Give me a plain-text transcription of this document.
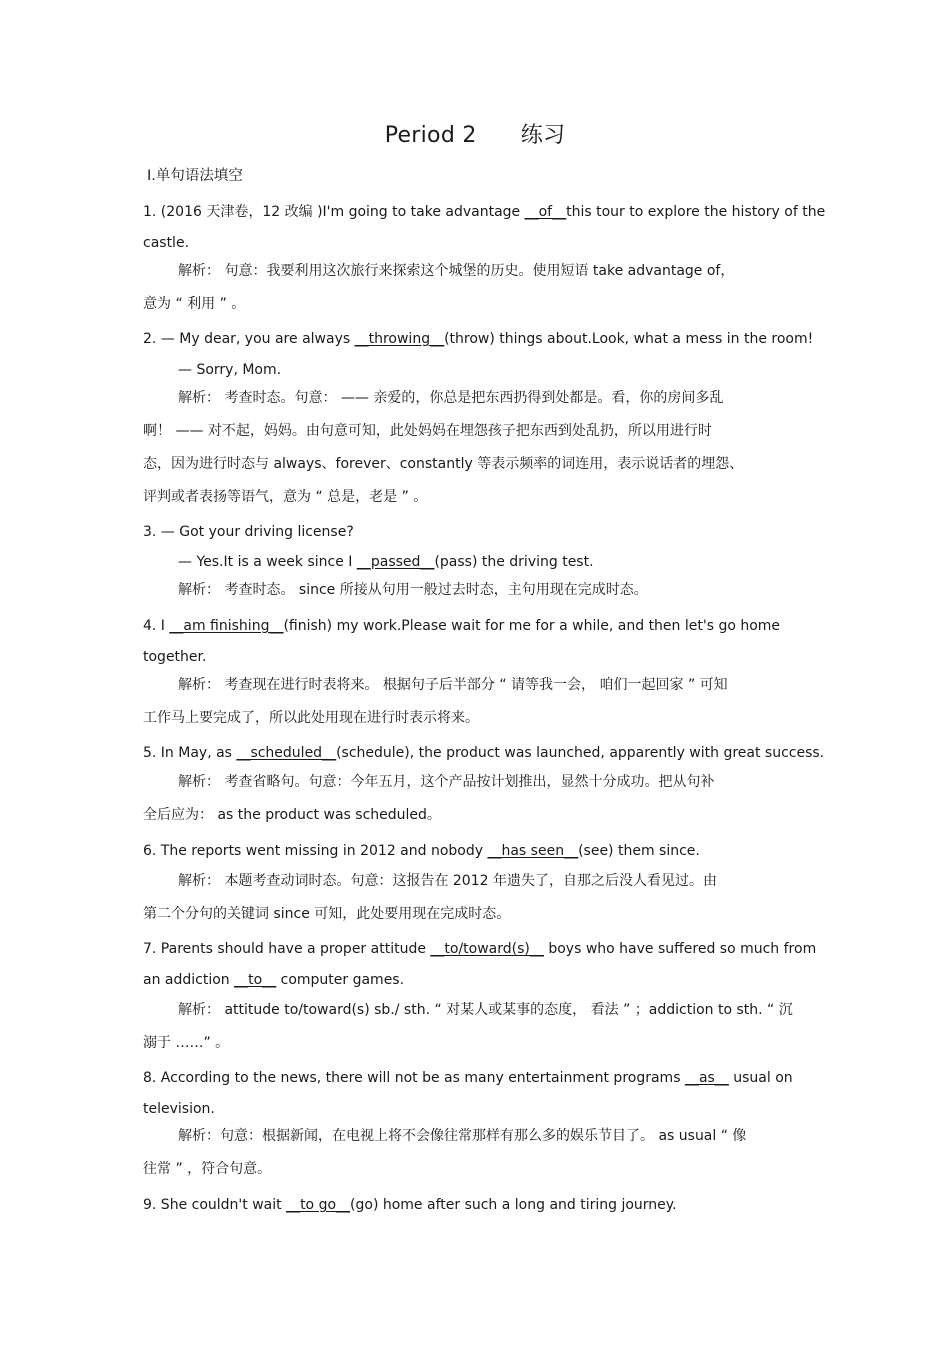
Period 2 练习
Ⅰ.单句语法填空
1. (2016 天津卷，12 改编 )I'm going to take advantage __of__this tour to explore the history of the
castle.
解析： 句意：我要利用这次旅行来探索这个城堡的历史。使用短语 take advantage of，
意为 “ 利用 ” 。
2. — My dear, you are always __throwing__(throw) things about.Look, what a mess in the room!
— Sorry, Mom.
解析： 考查时态。句意： —— 亲爱的，你总是把东西扔得到处都是。看，你的房间多乱
啊！ —— 对不起，妈妈。由句意可知，此处妈妈在埋怨孩子把东西到处乱扔，所以用进行时
态，因为进行时态与 always、forever、constantly 等表示频率的词连用，表示说话者的埋怨、
评判或者表扬等语气，意为 “ 总是，老是 ” 。
3. — Got your driving license?
— Yes.It is a week since I __passed__(pass) the driving test.
解析： 考查时态。 since 所接从句用一般过去时态，主句用现在完成时态。
4. I __am finishing__(finish) my work.Please wait for me for a while, and then let's go home
together.
解析： 考查现在进行时表将来。 根据句子后半部分 “ 请等我一会， 咱们一起回家 ” 可知
工作马上要完成了，所以此处用现在进行时表示将来。
5. In May, as __scheduled__(schedule), the product was launched, apparently with great success.
解析： 考查省略句。句意：今年五月，这个产品按计划推出，显然十分成功。把从句补
全后应为： as the product was scheduled。
6. The reports went missing in 2012 and nobody __has seen__(see) them since.
解析： 本题考查动词时态。句意：这报告在 2012 年遗失了，自那之后没人看见过。由
第二个分句的关键词 since 可知，此处要用现在完成时态。
7. Parents should have a proper attitude __to/toward(s)__ boys who have suffered so much from
an addiction __to__ computer games.
解析： attitude to/toward(s) sb./ sth. “ 对某人或某事的态度， 看法 ” ；addiction to sth. “ 沉
溺于 ……” 。
8. According to the news, there will not be as many entertainment programs __as__ usual on
television.
解析：句意：根据新闻，在电视上将不会像往常那样有那么多的娱乐节目了。 as usual “ 像
往常 ” ，符合句意。
9. She couldn't wait __to go__(go) home after such a long and tiring journey.
